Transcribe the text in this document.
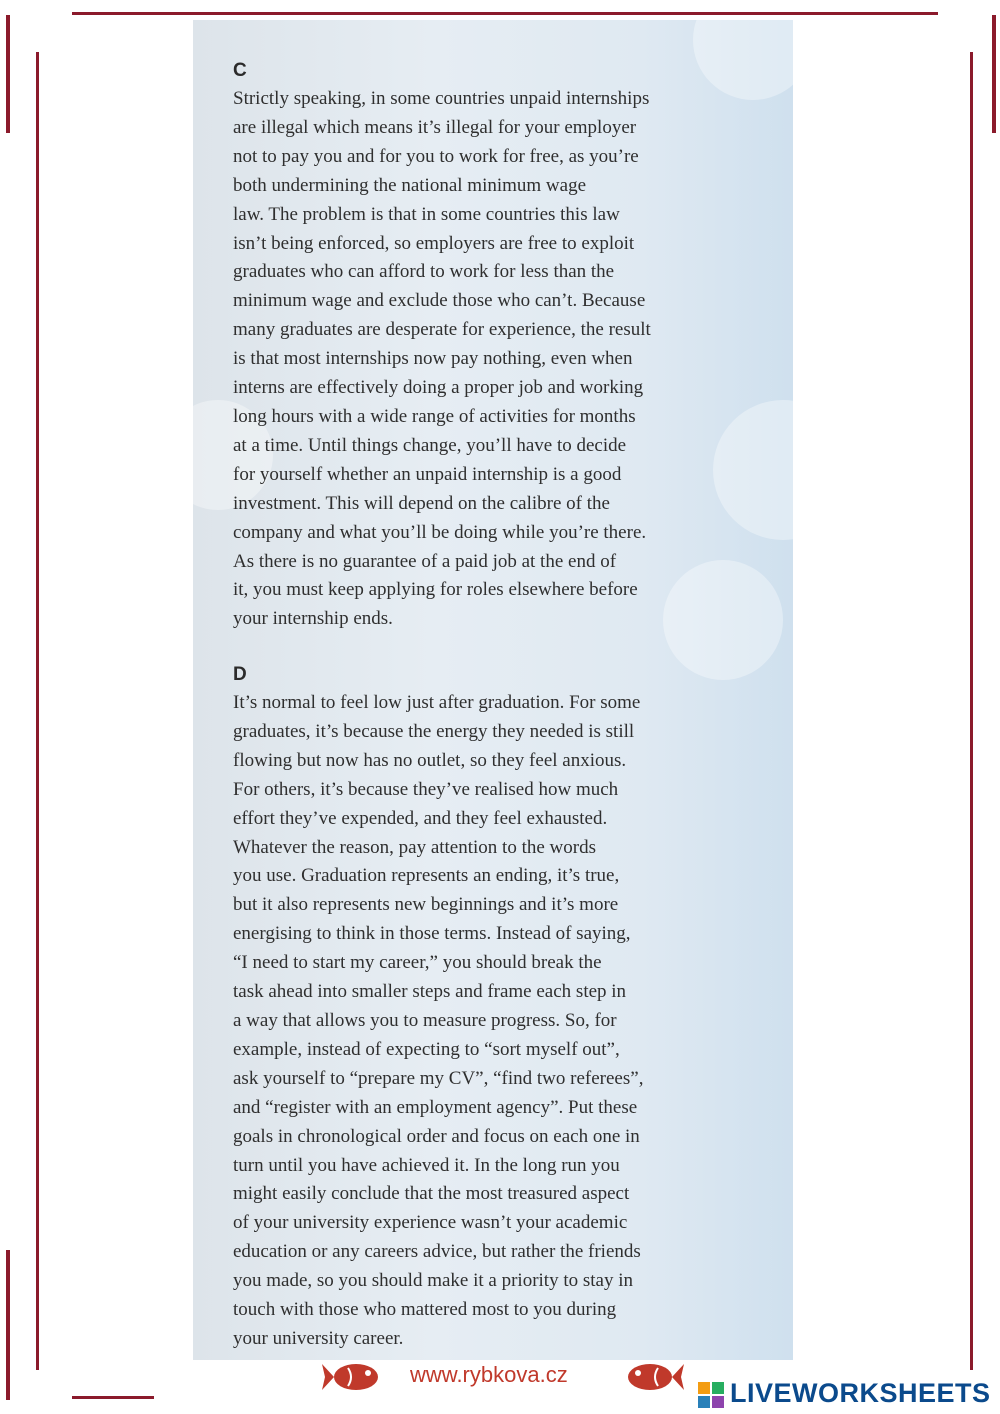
C
Strictly speaking, in some countries unpaid internships
are illegal which means it’s illegal for your employer
not to pay you and for you to work for free, as you’re
both undermining the national minimum wage
law. The problem is that in some countries this law
isn’t being enforced, so employers are free to exploit
graduates who can afford to work for less than the
minimum wage and exclude those who can’t. Because
many graduates are desperate for experience, the result
is that most internships now pay nothing, even when
interns are effectively doing a proper job and working
long hours with a wide range of activities for months
at a time. Until things change, you’ll have to decide
for yourself whether an unpaid internship is a good
investment. This will depend on the calibre of the
company and what you’ll be doing while you’re there.
As there is no guarantee of a paid job at the end of
it, you must keep applying for roles elsewhere before
your internship ends.
D
It’s normal to feel low just after graduation. For some
graduates, it’s because the energy they needed is still
flowing but now has no outlet, so they feel anxious.
For others, it’s because they’ve realised how much
effort they’ve expended, and they feel exhausted.
Whatever the reason, pay attention to the words
you use. Graduation represents an ending, it’s true,
but it also represents new beginnings and it’s more
energising to think in those terms. Instead of saying,
“I need to start my career,” you should break the
task ahead into smaller steps and frame each step in
a way that allows you to measure progress. So, for
example, instead of expecting to “sort myself out”,
ask yourself to “prepare my CV”, “find two referees”,
and “register with an employment agency”. Put these
goals in chronological order and focus on each one in
turn until you have achieved it. In the long run you
might easily conclude that the most treasured aspect
of your university experience wasn’t your academic
education or any careers advice, but rather the friends
you made, so you should make it a priority to stay in
touch with those who mattered most to you during
your university career.
www.rybkova.cz
LIVEWORKSHEETS
